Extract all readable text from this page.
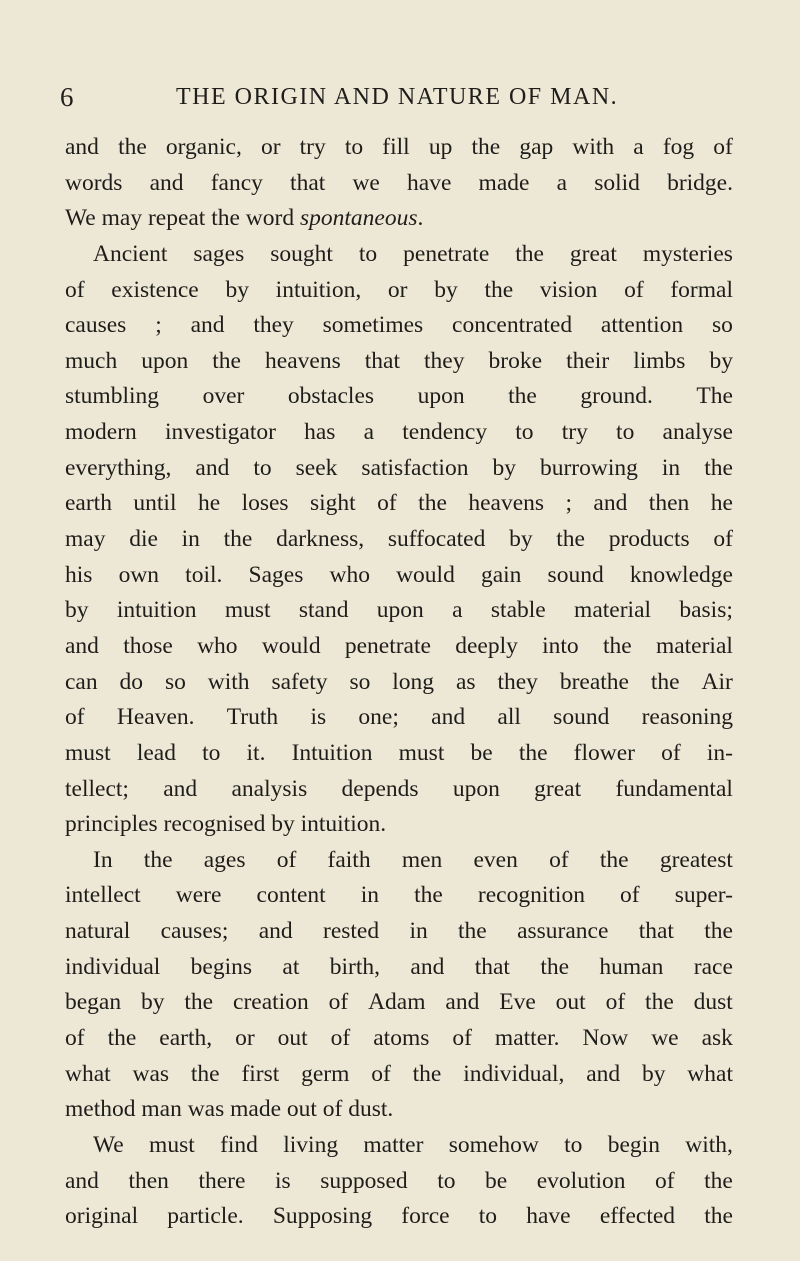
6	THE ORIGIN AND NATURE OF MAN.
and the organic, or try to fill up the gap with a fog of
words and fancy that we have made a solid bridge.
We may repeat the word spontaneous .
Ancient sages sought to penetrate the great mysteries
of existence by intuition, or by the vision of formal
causes ; and they sometimes concentrated attention so
much upon the heavens that they broke their limbs by
stumbling over obstacles upon the ground. The
modern investigator has a tendency to try to analyse
everything, and to seek satisfaction by burrowing in the
earth until he loses sight of the heavens ; and then he
may die in the darkness, suffocated by the products of
his own toil. Sages who would gain sound knowledge
by intuition must stand upon a stable material basis;
and those who would penetrate deeply into the material
can do so with safety so long as they breathe the Air
of Heaven. Truth is one; and all sound reasoning
must lead to it. Intuition must be the flower of in-
tellect; and analysis depends upon great fundamental
principles recognised by intuition.
In the ages of faith men even of the greatest
intellect were content in the recognition of super-
natural causes; and rested in the assurance that the
individual begins at birth, and that the human race
began by the creation of Adam and Eve out of the dust
of the earth, or out of atoms of matter. Now we ask
what was the first germ of the individual, and by what
method man was made out of dust.
We must find living matter somehow to begin with,
and then there is supposed to be evolution of the
original particle. Supposing force to have effected the
